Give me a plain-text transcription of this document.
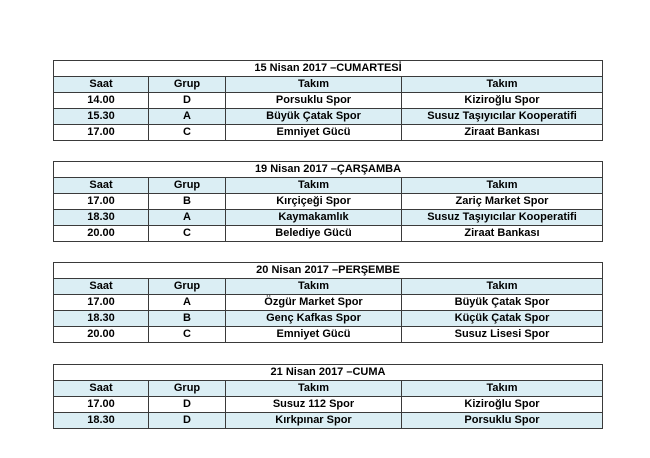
15 Nisan 2017 –CUMARTESİ			
Saat	Grup	Takım	Takım
14.00	D	Porsuklu Spor	Kiziroğlu Spor
15.30	A	Büyük Çatak Spor	Susuz Taşıyıcılar Kooperatifi
17.00	C	Emniyet Gücü	Ziraat Bankası
19 Nisan 2017 –ÇARŞAMBA			
Saat	Grup	Takım	Takım
17.00	B	Kırçiçeği Spor	Zariç Market Spor
18.30	A	Kaymakamlık	Susuz Taşıyıcılar Kooperatifi
20.00	C	Belediye Gücü	Ziraat Bankası
20 Nisan 2017 –PERŞEMBE			
Saat	Grup	Takım	Takım
17.00	A	Özgür Market Spor	Büyük Çatak Spor
18.30	B	Genç Kafkas Spor	Küçük Çatak Spor
20.00	C	Emniyet Gücü	Susuz Lisesi Spor
21 Nisan 2017 –CUMA			
Saat	Grup	Takım	Takım
17.00	D	Susuz 112 Spor	Kiziroğlu Spor
18.30	D	Kırkpınar Spor	Porsuklu Spor
